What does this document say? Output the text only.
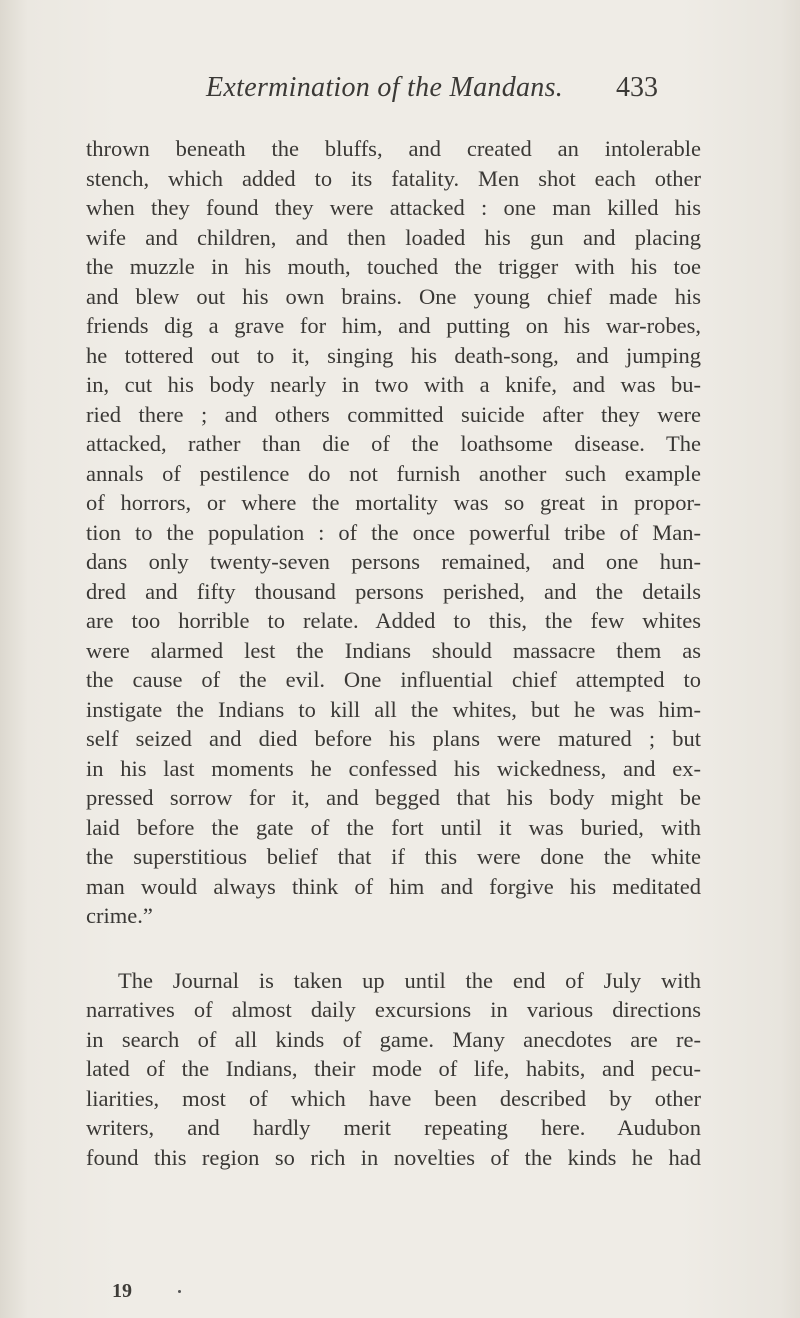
Extermination of the Mandans. 433

thrown beneath the bluffs, and created an intolerable
stench, which added to its fatality. Men shot each other
when they found they were attacked : one man killed his
wife and children, and then loaded his gun and placing
the muzzle in his mouth, touched the trigger with his toe
and blew out his own brains. One young chief made his
friends dig a grave for him, and putting on his war-robes,
he tottered out to it, singing his death-song, and jumping
in, cut his body nearly in two with a knife, and was bu-
ried there ; and others committed suicide after they were
attacked, rather than die of the loathsome disease. The
annals of pestilence do not furnish another such example
of horrors, or where the mortality was so great in propor-
tion to the population : of the once powerful tribe of Man-
dans only twenty-seven persons remained, and one hun-
dred and fifty thousand persons perished, and the details
are too horrible to relate. Added to this, the few whites
were alarmed lest the Indians should massacre them as
the cause of the evil. One influential chief attempted to
instigate the Indians to kill all the whites, but he was him-
self seized and died before his plans were matured ; but
in his last moments he confessed his wickedness, and ex-
pressed sorrow for it, and begged that his body might be
laid before the gate of the fort until it was buried, with
the superstitious belief that if this were done the white
man would always think of him and forgive his meditated
crime.”

The Journal is taken up until the end of July with
narratives of almost daily excursions in various directions
in search of all kinds of game. Many anecdotes are re-
lated of the Indians, their mode of life, habits, and pecu-
liarities, most of which have been described by other
writers, and hardly merit repeating here. Audubon
found this region so rich in novelties of the kinds he had

19
